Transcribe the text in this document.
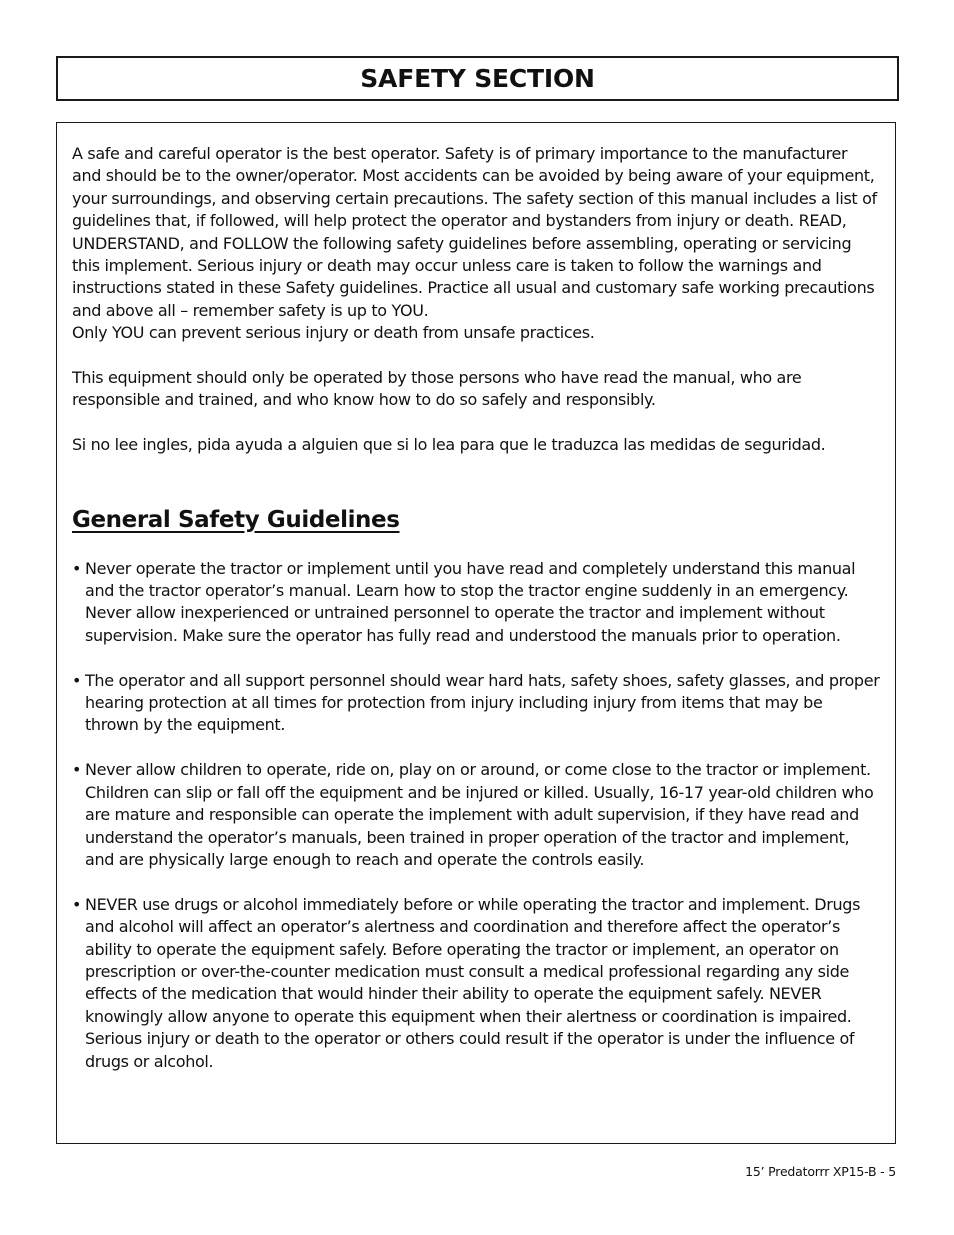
SAFETY SECTION

A safe and careful operator is the best operator. Safety is of primary importance to the manufacturer and should be to the owner/operator. Most accidents can be avoided by being aware of your equipment, your surroundings, and observing certain precautions. The safety section of this manual includes a list of guidelines that, if followed, will help protect the operator and bystanders from injury or death. READ, UNDERSTAND, and FOLLOW the following safety guidelines before assembling, operating or servicing this implement. Serious injury or death may occur unless care is taken to follow the warnings and instructions stated in these Safety guidelines. Practice all usual and customary safe working precautions and above all – remember safety is up to YOU.

Only YOU can prevent serious injury or death from unsafe practices.

This equipment should only be operated by those persons who have read the manual, who are responsible and trained, and who know how to do so safely and responsibly.

Si no lee ingles, pida ayuda a alguien que si lo lea para que le traduzca las medidas de seguridad.

General Safety Guidelines
• Never operate the tractor or implement until you have read and completely understand this manual and the tractor operator’s manual. Learn how to stop the tractor engine suddenly in an emergency. Never allow inexperienced or untrained personnel to operate the tractor and implement without supervision. Make sure the operator has fully read and understood the manuals prior to operation.
• The operator and all support personnel should wear hard hats, safety shoes, safety glasses, and proper hearing protection at all times for protection from injury including injury from items that may be thrown by the equipment.
• Never allow children to operate, ride on, play on or around, or come close to the tractor or implement. Children can slip or fall off the equipment and be injured or killed. Usually, 16-17 year-old children who are mature and responsible can operate the implement with adult supervision, if they have read and understand the operator’s manuals, been trained in proper operation of the tractor and implement, and are physically large enough to reach and operate the controls easily.
• NEVER use drugs or alcohol immediately before or while operating the tractor and implement. Drugs and alcohol will affect an operator’s alertness and coordination and therefore affect the operator’s ability to operate the equipment safely. Before operating the tractor or implement, an operator on prescription or over-the-counter medication must consult a medical professional regarding any side effects of the medication that would hinder their ability to operate the equipment safely. NEVER knowingly allow anyone to operate this equipment when their alertness or coordination is impaired. Serious injury or death to the operator or others could result if the operator is under the influence of drugs or alcohol.
15’ Predatorrr XP15-B - 5
